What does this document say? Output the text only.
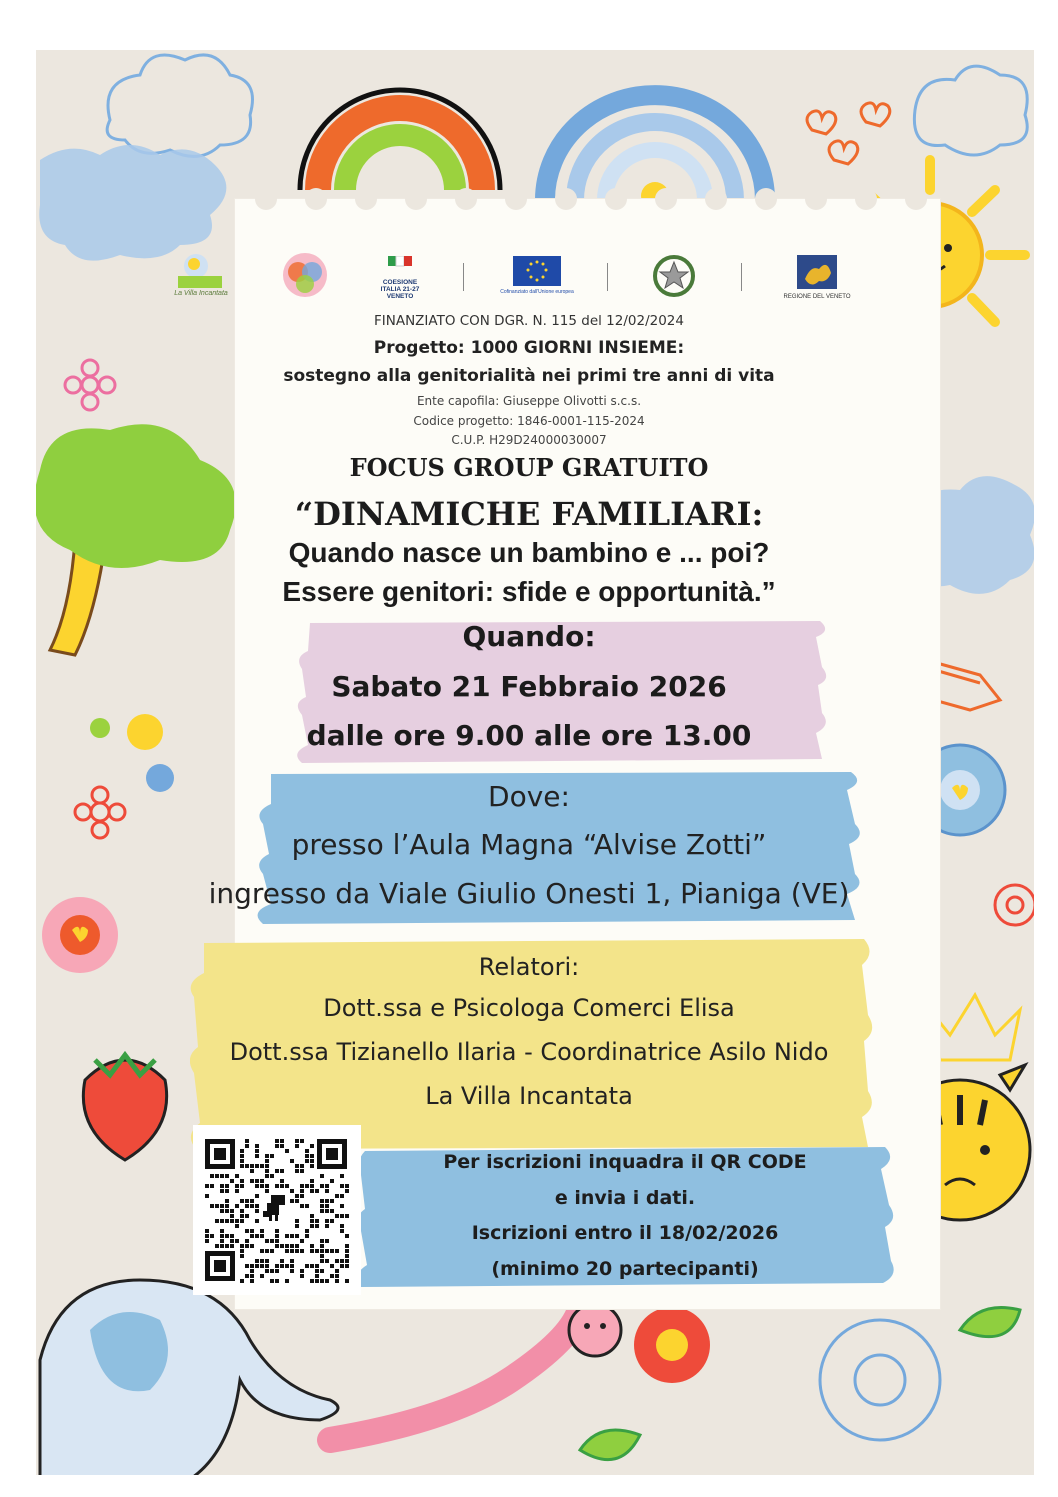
La Villa Incantata
COESIONE ITALIA 21-27 VENETO
Cofinanziato dall'Unione europea
REGIONE DEL VENETO
FINANZIATO CON DGR. N. 115 del 12/02/2024
Progetto: 1000 GIORNI INSIEME:
sostegno alla genitorialità nei primi tre anni di vita
Ente capofila: Giuseppe Olivotti s.c.s.
Codice progetto: 1846-0001-115-2024
C.U.P. H29D24000030007
FOCUS GROUP GRATUITO
“DINAMICHE FAMILIARI:
Quando nasce un bambino e ... poi?
Essere genitori: sfide e opportunità.”
Quando:
Sabato 21 Febbraio 2026
dalle ore 9.00 alle ore 13.00
Dove:
presso l’Aula Magna “Alvise Zotti”
ingresso da Viale Giulio Onesti 1, Pianiga (VE)
Relatori:
Dott.ssa e Psicologa Comerci Elisa
Dott.ssa Tizianello Ilaria - Coordinatrice Asilo Nido
La Villa Incantata
Per iscrizioni inquadra il QR CODE
e invia i dati.
Iscrizioni entro il 18/02/2026
(minimo 20 partecipanti)
